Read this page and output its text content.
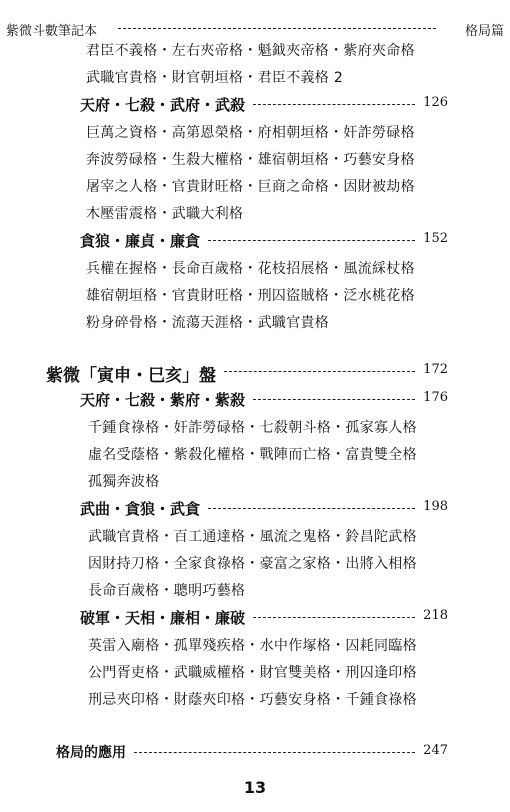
紫微斗數筆記本	格局篇
君臣不義格・左右夾帝格・魁鉞夾帝格・紫府夾命格
武職官貴格・財官朝垣格・君臣不義格 2
天府・七殺・武府・武殺	126
巨萬之資格・高第恩榮格・府相朝垣格・奸詐勞碌格
奔波勞碌格・生殺大權格・雄宿朝垣格・巧藝安身格
屠宰之人格・官貴財旺格・巨商之命格・因財被劫格
木壓雷震格・武職大利格
貪狼・廉貞・廉貪	152
兵權在握格・長命百歲格・花枝招展格・風流綵杖格
雄宿朝垣格・官貴財旺格・刑囚盜賊格・泛水桃花格
粉身碎骨格・流蕩天涯格・武職官貴格
紫微「寅申・巳亥」盤	172
天府・七殺・紫府・紫殺	176
千鍾食祿格・奸詐勞碌格・七殺朝斗格・孤家寡人格
虛名受蔭格・紫殺化權格・戰陣而亡格・富貴雙全格
孤獨奔波格
武曲・貪狼・武貪	198
武職官貴格・百工通達格・風流之鬼格・鈴昌陀武格
因財持刀格・全家食祿格・豪富之家格・出將入相格
長命百歲格・聰明巧藝格
破軍・天相・廉相・廉破	218
英雷入廟格・孤單殘疾格・水中作塚格・囚耗同臨格
公門胥吏格・武職威權格・財官雙美格・刑囚逢印格
刑忌夾印格・財蔭夾印格・巧藝安身格・千鍾食祿格
格局的應用	247
13
